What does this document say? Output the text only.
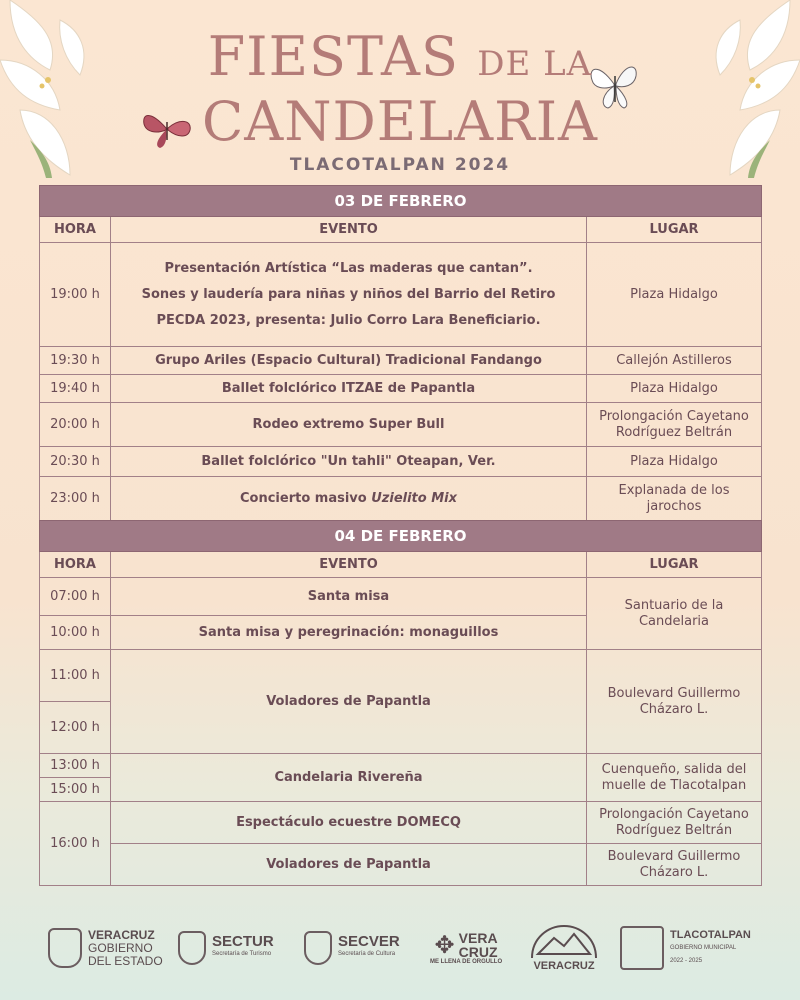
FIESTAS DE LA
CANDELARIA
TLACOTALPAN 2024
03 DE FEBRERO		
HORA	EVENTO	LUGAR
19:00 h	Presentación Artística “Las maderas que cantan”.
Sones y laudería para niñas y niños del Barrio del Retiro
PECDA 2023, presenta: Julio Corro Lara Beneficiario.	Plaza Hidalgo
19:30 h	Grupo Ariles (Espacio Cultural) Tradicional Fandango	Callejón Astilleros
19:40 h	Ballet folclórico ITZAE de Papantla	Plaza Hidalgo
20:00 h	Rodeo extremo Super Bull	Prolongación Cayetano Rodríguez Beltrán
20:30 h	Ballet folclórico "Un tahli" Oteapan, Ver.	Plaza Hidalgo
23:00 h	Concierto masivo Uzielito Mix	Explanada de los jarochos
04 DE FEBRERO		
HORA	EVENTO	LUGAR
07:00 h	Santa misa	Santuario de la Candelaria
10:00 h	Santa misa y peregrinación: monaguillos	
11:00 h	Voladores de Papantla	Boulevard Guillermo Cházaro L.
12:00 h		
13:00 h	Candelaria Rivereña	Cuenqueño, salida del muelle de Tlacotalpan
15:00 h		
16:00 h	Espectáculo ecuestre DOMECQ	Prolongación Cayetano Rodríguez Beltrán
	Voladores de Papantla	Boulevard Guillermo Cházaro L.
VERACRUZ
GOBIERNO
DEL ESTADO
SECTUR
Secretaría de Turismo
SECVER
Secretaría de Cultura ✥ VERA
CRUZ
ME LLENA DE ORGULLO	VERACRUZ
TLACOTALPAN
GOBIERNO MUNICIPAL
2022 - 2025
